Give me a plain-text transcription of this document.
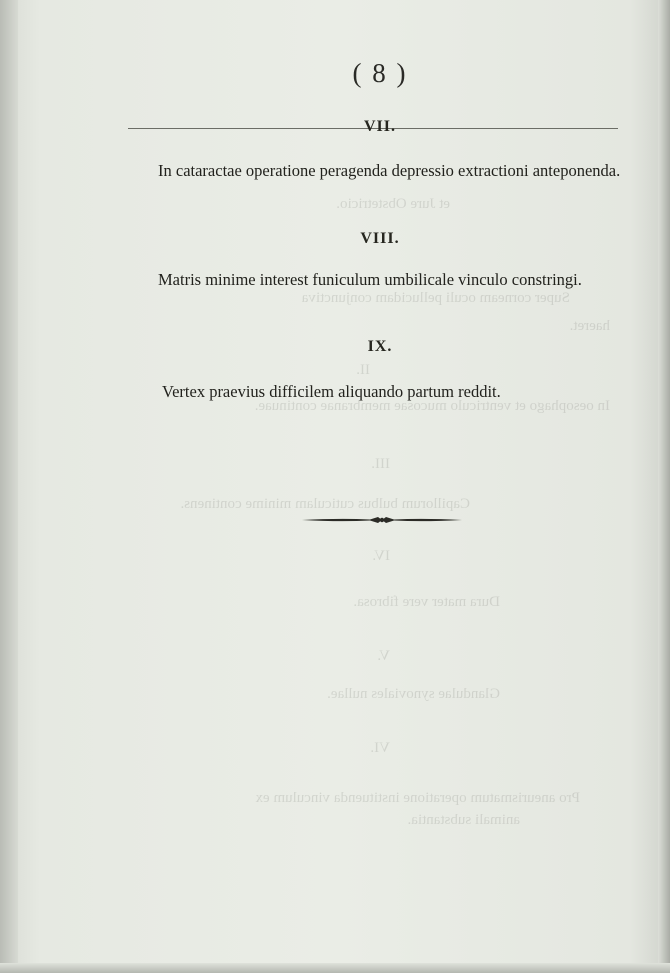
et Jure Obstetricio.
Super corneam oculi pellucidam conjunctiva
haeret.
II.
In oesophago et ventriculo mucosae membranae continuae.
III.
Capillorum bulbus cuticulam minime continens.
IV.
Dura mater vere fibrosa.
V.
Glandulae synoviales nullae.
VI.
Pro aneurismatum operatione instituenda vinculum ex
animali substantia.
( 8 )
VII.
In cataractae operatione peragenda depressio extractioni anteponenda.
VIII.
Matris minime interest funiculum umbilicale vinculo constringi.
IX.
Vertex praevius difficilem aliquando partum reddit.
